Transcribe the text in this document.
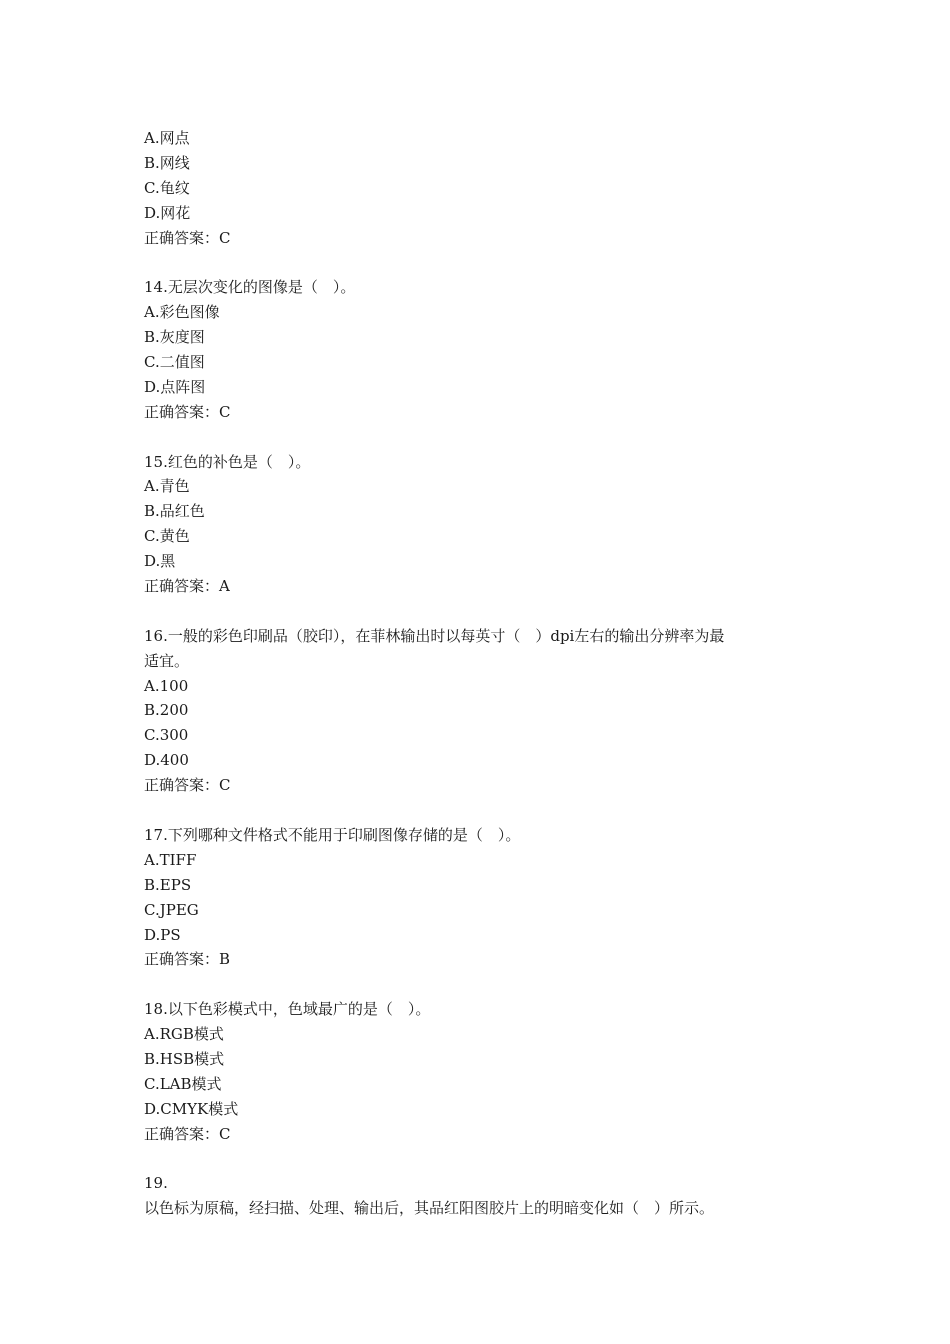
A.网点
B.网线
C.龟纹
D.网花
正确答案：C
14.无层次变化的图像是（　）。
A.彩色图像
B.灰度图
C.二值图
D.点阵图
正确答案：C
15.红色的补色是（　）。
A.青色
B.品红色
C.黄色
D.黑
正确答案：A
16.一般的彩色印刷品（胶印），在菲林输出时以每英寸（　）dpi左右的输出分辨率为最
适宜。
A.100
B.200
C.300
D.400
正确答案：C
17.下列哪种文件格式不能用于印刷图像存储的是（　）。
A.TIFF
B.EPS
C.JPEG
D.PS
正确答案：B
18.以下色彩模式中，色域最广的是（　）。
A.RGB模式
B.HSB模式
C.LAB模式
D.CMYK模式
正确答案：C
19.
以色标为原稿，经扫描、处理、输出后，其品红阳图胶片上的明暗变化如（　）所示。
